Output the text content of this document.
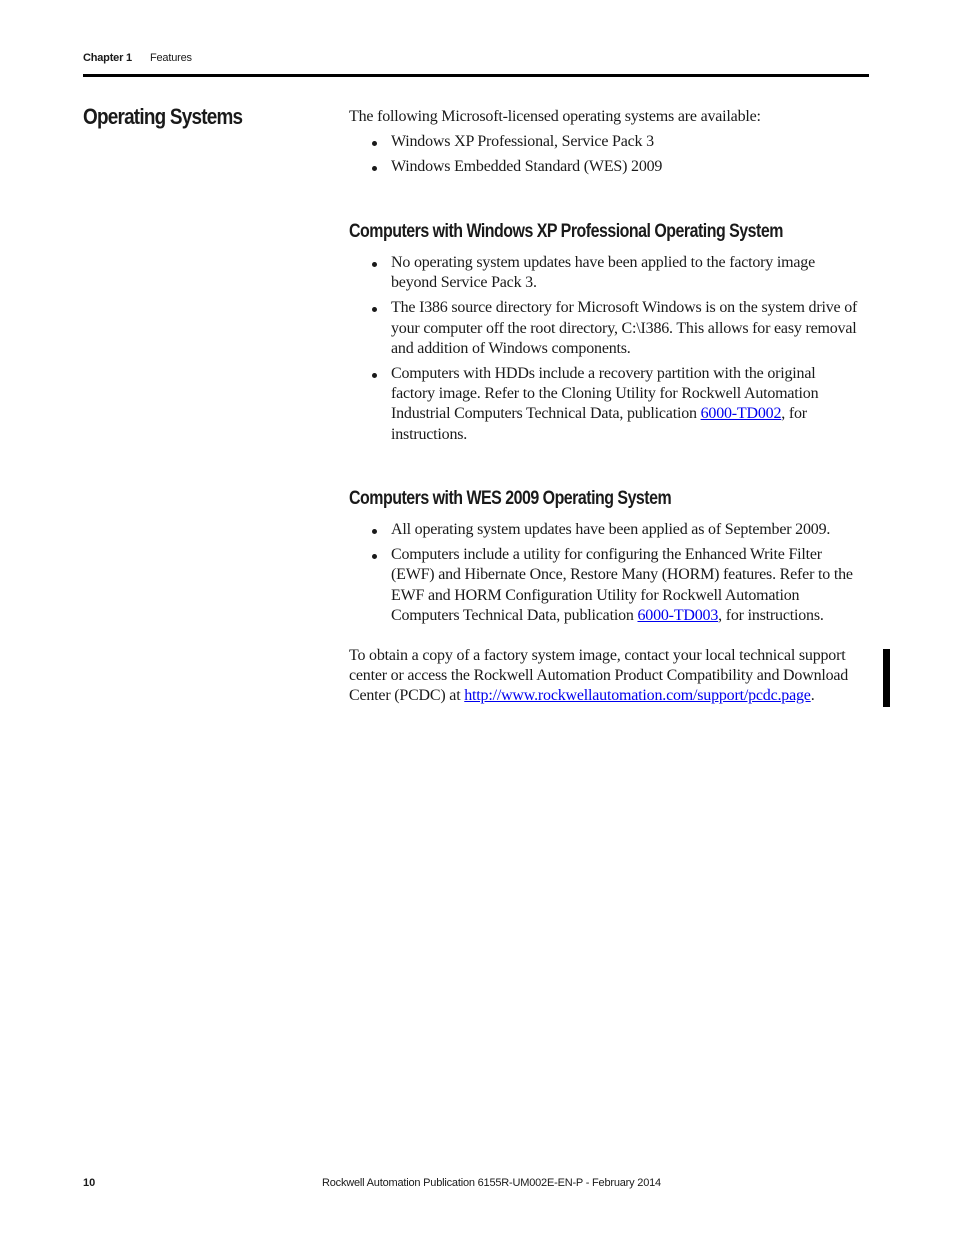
Chapter 1 Features
Operating Systems	The following Microsoft-licensed operating systems are available:
Windows XP Professional, Service Pack 3
Windows Embedded Standard (WES) 2009
Computers with Windows XP Professional Operating System
No operating system updates have been applied to the factory image beyond Service Pack 3.
The I386 source directory for Microsoft Windows is on the system drive of your computer off the root directory, C:\I386. This allows for easy removal and addition of Windows components.
Computers with HDDs include a recovery partition with the original factory image. Refer to the Cloning Utility for Rockwell Automation Industrial Computers Technical Data, publication 6000-TD002, for instructions.
Computers with WES 2009 Operating System
All operating system updates have been applied as of September 2009.
Computers include a utility for configuring the Enhanced Write Filter (EWF) and Hibernate Once, Restore Many (HORM) features. Refer to the EWF and HORM Configuration Utility for Rockwell Automation Computers Technical Data, publication 6000-TD003, for instructions.
To obtain a copy of a factory system image, contact your local technical support center or access the Rockwell Automation Product Compatibility and Download Center (PCDC) at http://www.rockwellautomation.com/support/pcdc.page.
10	Rockwell Automation Publication 6155R-UM002E-EN-P - February 2014
